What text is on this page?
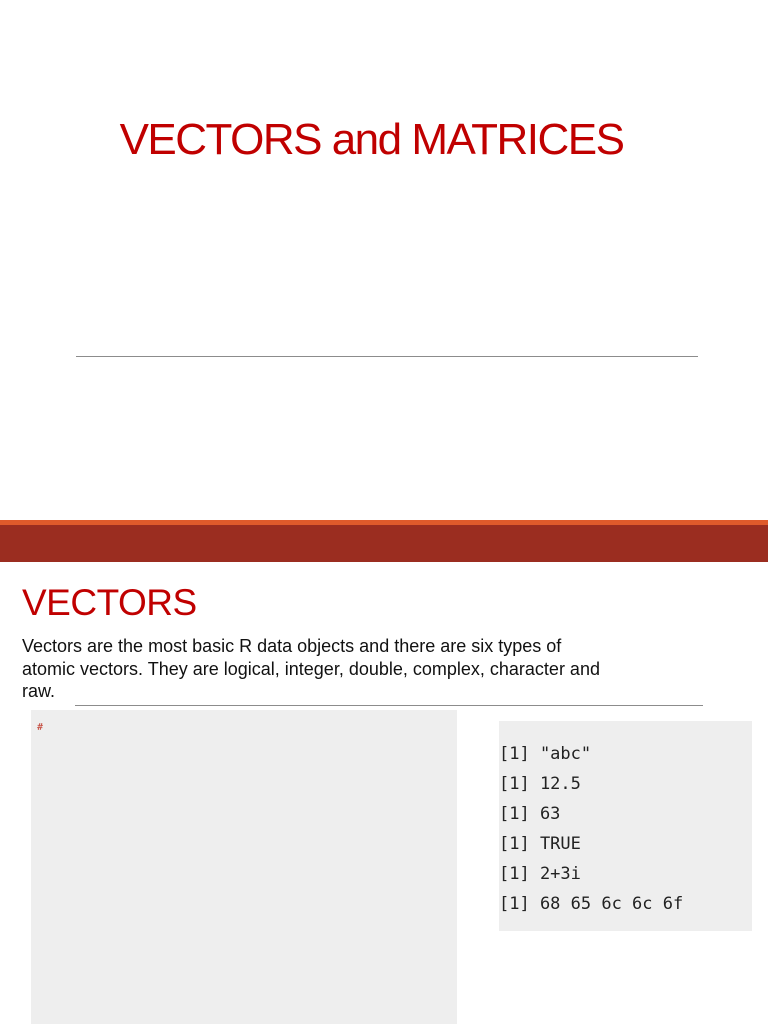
VECTORS and MATRICES
VECTORS
Vectors are the most basic R data objects and there are six types of atomic vectors. They are logical, integer, double, complex, character and raw.
#
[1] "abc"
[1] 12.5
[1] 63
[1] TRUE
[1] 2+3i
[1] 68 65 6c 6c 6f
